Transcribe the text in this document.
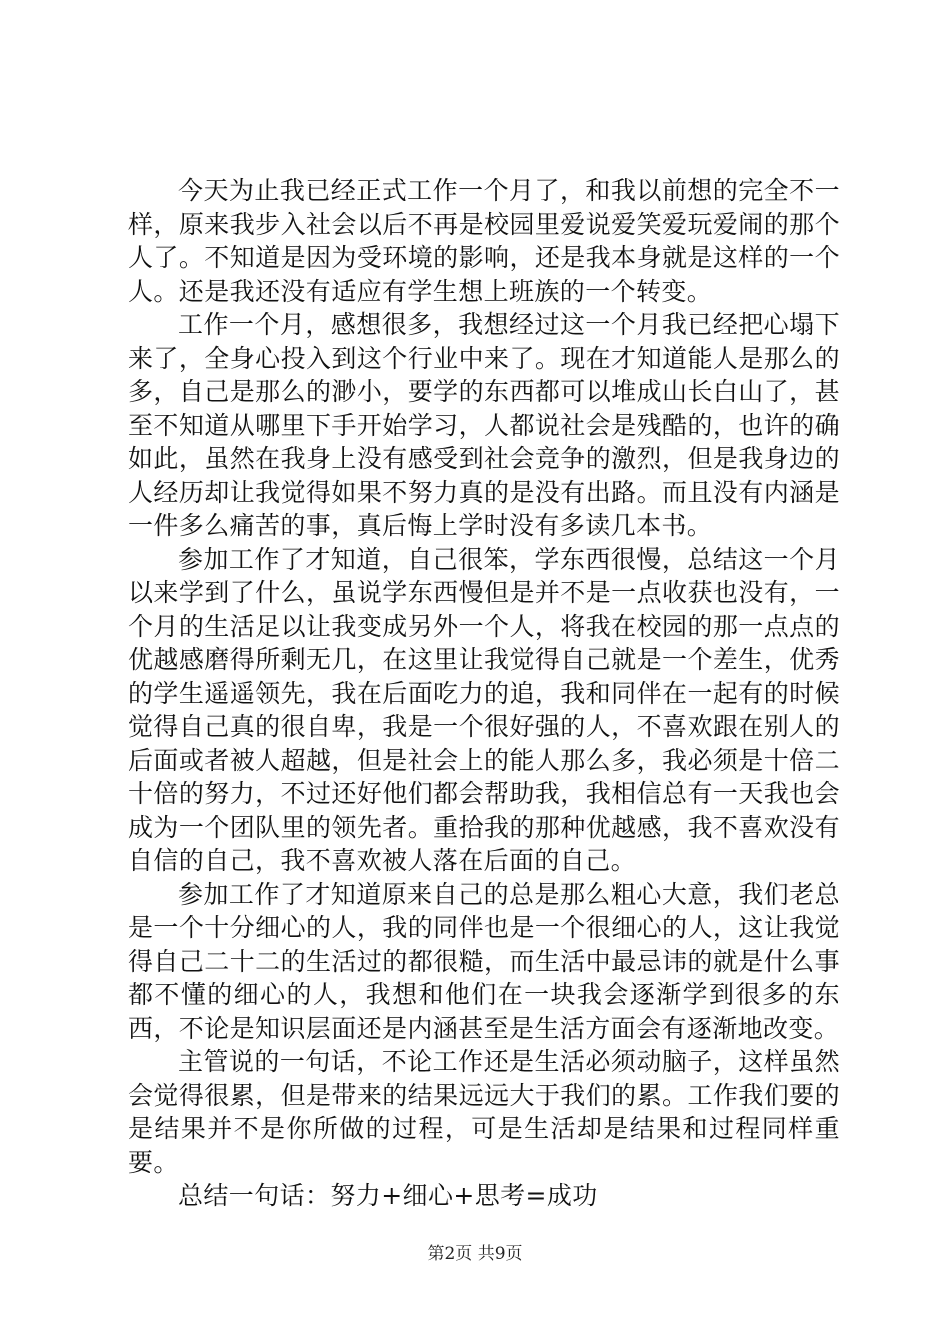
今天为止我已经正式工作一个月了，和我以前想的完全不一样，原来我步入社会以后不再是校园里爱说爱笑爱玩爱闹的那个人了。不知道是因为受环境的影响，还是我本身就是这样的一个人。还是我还没有适应有学生想上班族的一个转变。

工作一个月，感想很多，我想经过这一个月我已经把心塌下来了，全身心投入到这个行业中来了。现在才知道能人是那么的多，自己是那么的渺小，要学的东西都可以堆成山长白山了，甚至不知道从哪里下手开始学习，人都说社会是残酷的，也许的确如此，虽然在我身上没有感受到社会竞争的激烈，但是我身边的人经历却让我觉得如果不努力真的是没有出路。而且没有内涵是一件多么痛苦的事，真后悔上学时没有多读几本书。

参加工作了才知道，自己很笨，学东西很慢，总结这一个月以来学到了什么，虽说学东西慢但是并不是一点收获也没有，一个月的生活足以让我变成另外一个人，将我在校园的那一点点的优越感磨得所剩无几，在这里让我觉得自己就是一个差生，优秀的学生遥遥领先，我在后面吃力的追，我和同伴在一起有的时候觉得自己真的很自卑，我是一个很好强的人，不喜欢跟在别人的后面或者被人超越，但是社会上的能人那么多，我必须是十倍二十倍的努力，不过还好他们都会帮助我，我相信总有一天我也会成为一个团队里的领先者。重拾我的那种优越感，我不喜欢没有自信的自己，我不喜欢被人落在后面的自己。

参加工作了才知道原来自己的总是那么粗心大意，我们老总是一个十分细心的人，我的同伴也是一个很细心的人，这让我觉得自己二十二的生活过的都很糙，而生活中最忌讳的就是什么事都不懂的细心的人，我想和他们在一块我会逐渐学到很多的东西，不论是知识层面还是内涵甚至是生活方面会有逐渐地改变。

主管说的一句话，不论工作还是生活必须动脑子，这样虽然会觉得很累，但是带来的结果远远大于我们的累。工作我们要的是结果并不是你所做的过程，可是生活却是结果和过程同样重要。

总结一句话：努力+细心+思考=成功

第2页 共9页
